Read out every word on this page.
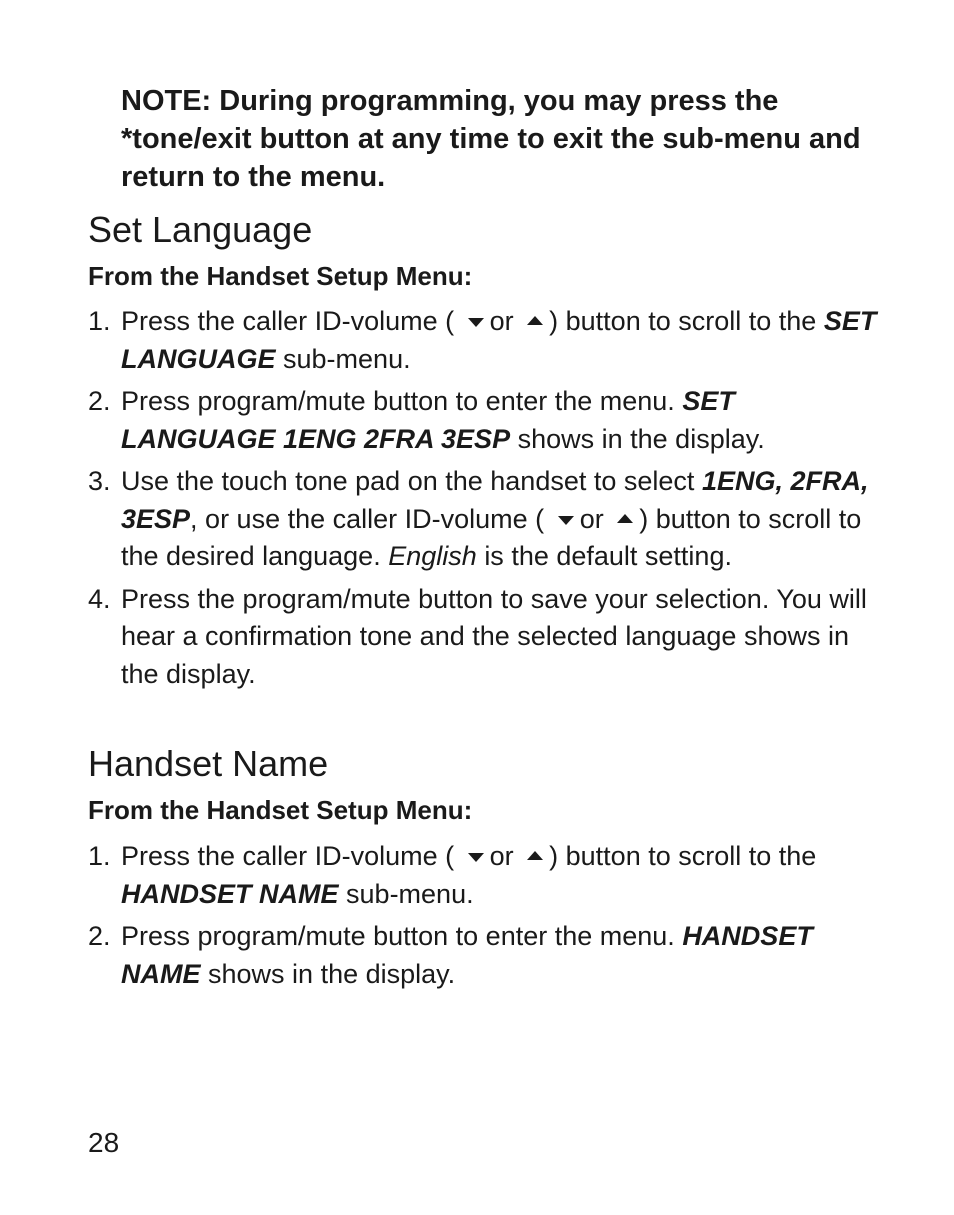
NOTE: During programming, you may press the *tone/exit button at any time to exit the sub-menu and return to the menu.

Set Language
From the Handset Setup Menu:
1. Press the caller ID-volume ( or ) button to scroll to the SET LANGUAGE sub-menu.
2. Press program/mute button to enter the menu. SET LANGUAGE 1ENG 2FRA 3ESP shows in the display.
3. Use the touch tone pad on the handset to select 1ENG, 2FRA, 3ESP, or use the caller ID-volume ( or ) button to scroll to the desired language. English is the default setting.
4. Press the program/mute button to save your selection. You will hear a confirmation tone and the selected language shows in the display.
Handset Name
From the Handset Setup Menu:
1. Press the caller ID-volume ( or ) button to scroll to the HANDSET NAME sub-menu.
2. Press program/mute button to enter the menu. HANDSET NAME shows in the display.

28
